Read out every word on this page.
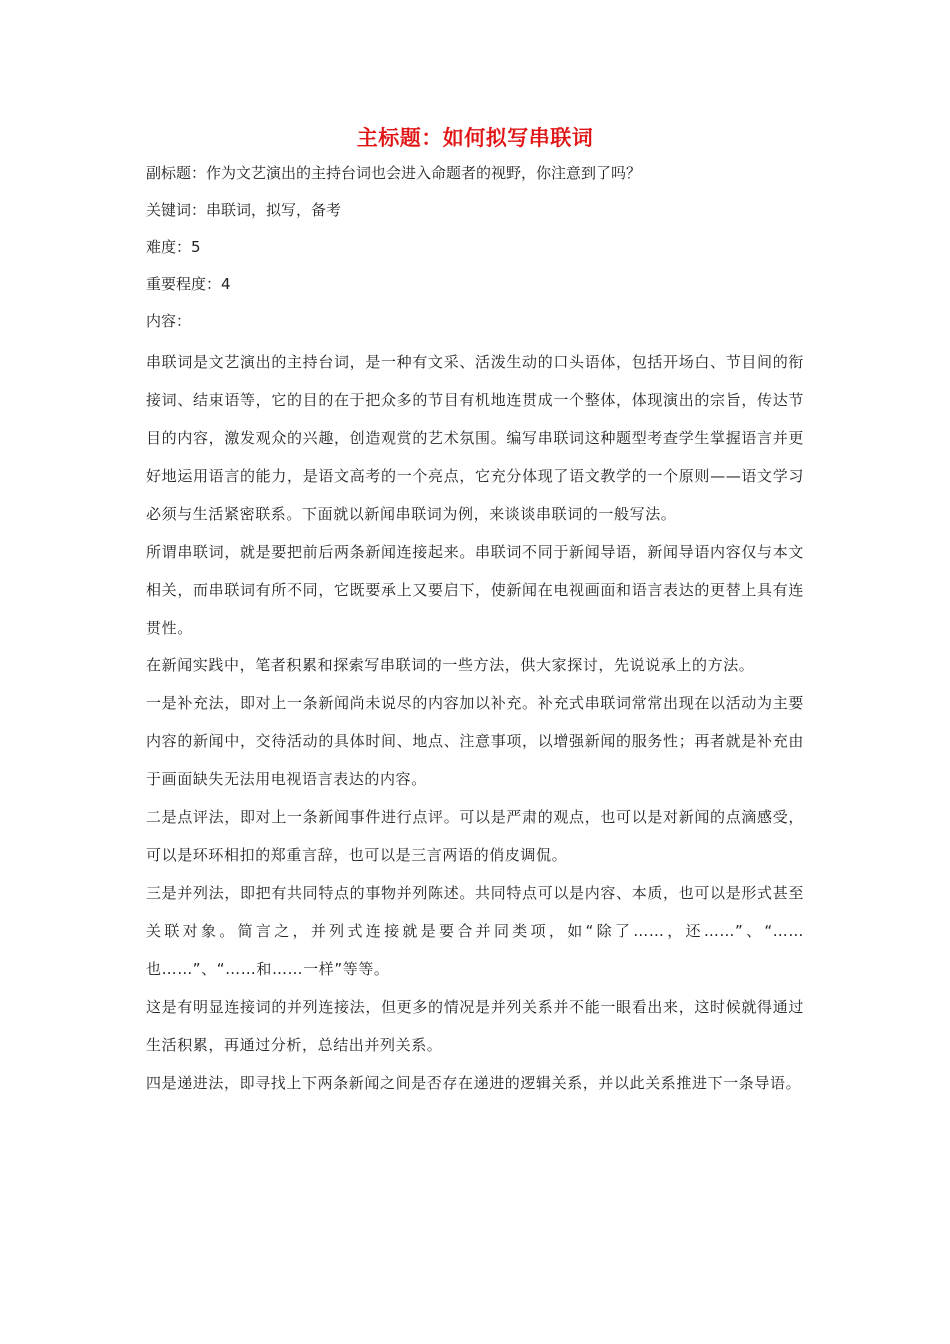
主标题：如何拟写串联词

副标题：作为文艺演出的主持台词也会进入命题者的视野，你注意到了吗？

关键词：串联词，拟写，备考

难度：5

重要程度：4

内容：

串联词是文艺演出的主持台词，是一种有文采、活泼生动的口头语体，包括开场白、节目间的衔接词、结束语等，它的目的在于把众多的节目有机地连贯成一个整体，体现演出的宗旨，传达节目的内容，激发观众的兴趣，创造观赏的艺术氛围。编写串联词这种题型考查学生掌握语言并更好地运用语言的能力，是语文高考的一个亮点，它充分体现了语文教学的一个原则——语文学习必须与生活紧密联系。下面就以新闻串联词为例，来谈谈串联词的一般写法。

所谓串联词，就是要把前后两条新闻连接起来。串联词不同于新闻导语，新闻导语内容仅与本文相关，而串联词有所不同，它既要承上又要启下，使新闻在电视画面和语言表达的更替上具有连贯性。

在新闻实践中，笔者积累和探索写串联词的一些方法，供大家探讨，先说说承上的方法。

一是补充法，即对上一条新闻尚未说尽的内容加以补充。补充式串联词常常出现在以活动为主要内容的新闻中，交待活动的具体时间、地点、注意事项，以增强新闻的服务性；再者就是补充由于画面缺失无法用电视语言表达的内容。

二是点评法，即对上一条新闻事件进行点评。可以是严肃的观点，也可以是对新闻的点滴感受，可以是环环相扣的郑重言辞，也可以是三言两语的俏皮调侃。

三是并列法，即把有共同特点的事物并列陈述。共同特点可以是内容、本质，也可以是形式甚至关联对象。简言之，并列式连接就是要合并同类项，如“除了……，还……”、“……也……”、“……和……一样”等等。

这是有明显连接词的并列连接法，但更多的情况是并列关系并不能一眼看出来，这时候就得通过生活积累，再通过分析，总结出并列关系。

四是递进法，即寻找上下两条新闻之间是否存在递进的逻辑关系，并以此关系推进下一条导语。
